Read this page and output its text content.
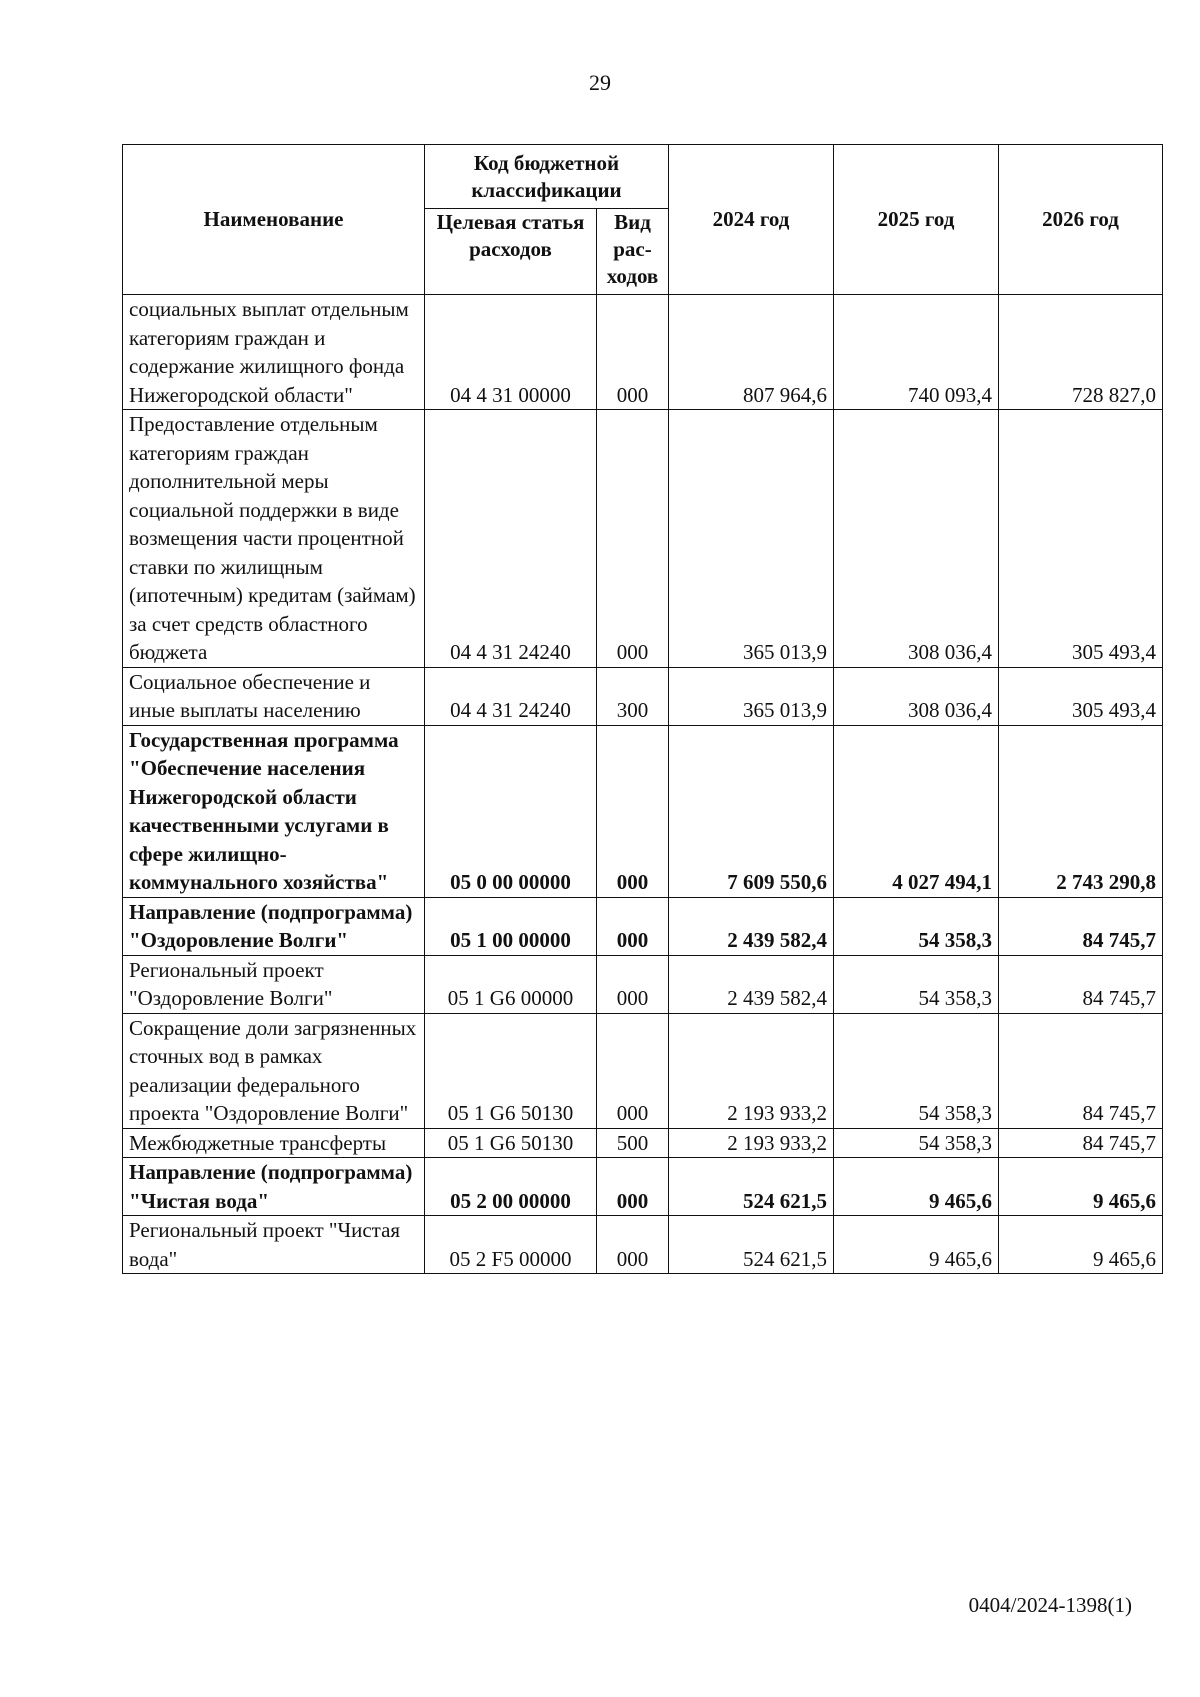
29
Наименование	Код бюджетной классификации		2024 год	2025 год	2026 год
	Целевая статья расходов	Вид рас-ходов			
социальных выплат отдельным категориям граждан и содержание жилищного фонда Нижегородской области"	04 4 31 00000	000	807 964,6	740 093,4	728 827,0
Предоставление отдельным категориям граждан дополнительной меры социальной поддержки в виде возмещения части процентной ставки по жилищным (ипотечным) кредитам (займам) за счет средств областного бюджета	04 4 31 24240	000	365 013,9	308 036,4	305 493,4
Социальное обеспечение и иные выплаты населению	04 4 31 24240	300	365 013,9	308 036,4	305 493,4
Государственная программа "Обеспечение населения Нижегородской области качественными услугами в сфере жилищно-коммунального хозяйства"	05 0 00 00000	000	7 609 550,6	4 027 494,1	2 743 290,8
Направление (подпрограмма) "Оздоровление Волги"	05 1 00 00000	000	2 439 582,4	54 358,3	84 745,7
Региональный проект "Оздоровление Волги"	05 1 G6 00000	000	2 439 582,4	54 358,3	84 745,7
Сокращение доли загрязненных сточных вод в рамках реализации федерального проекта "Оздоровление Волги"	05 1 G6 50130	000	2 193 933,2	54 358,3	84 745,7
Межбюджетные трансферты	05 1 G6 50130	500	2 193 933,2	54 358,3	84 745,7
Направление (подпрограмма) "Чистая вода"	05 2 00 00000	000	524 621,5	9 465,6	9 465,6
Региональный проект "Чистая вода"	05 2 F5 00000	000	524 621,5	9 465,6	9 465,6
0404/2024-1398(1)
